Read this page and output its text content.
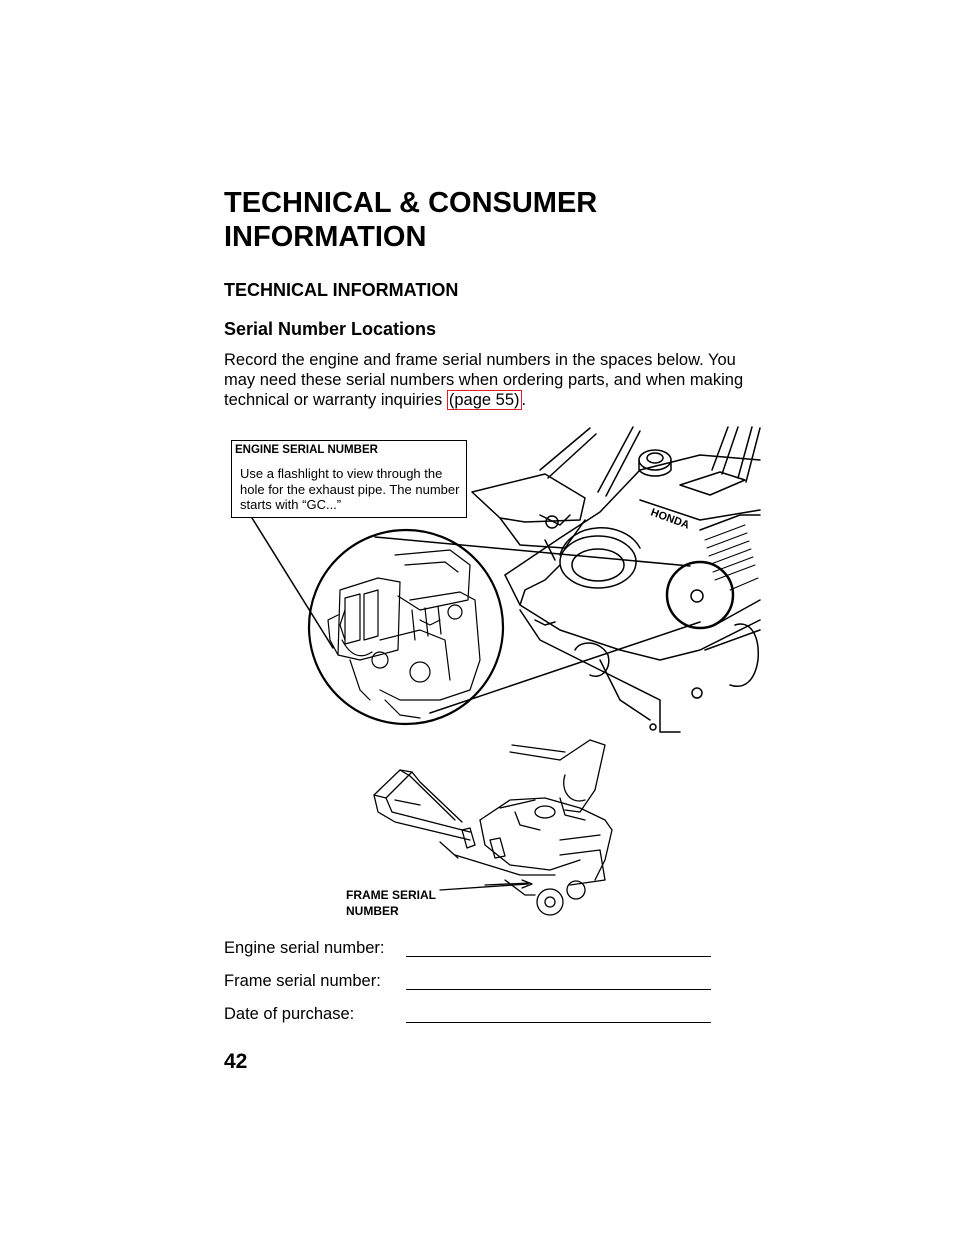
TECHNICAL & CONSUMER INFORMATION
TECHNICAL INFORMATION
Serial Number Locations

Record the engine and frame serial numbers in the spaces below. You may need these serial numbers when ordering parts, and when making technical or warranty inquiries (page 55) .

HONDA
ENGINE SERIAL NUMBER
Use a flashlight to view through the hole for the exhaust pipe. The number starts with “GC...”
FRAME SERIAL NUMBER
Engine serial number:
Frame serial number:
Date of purchase:
42
